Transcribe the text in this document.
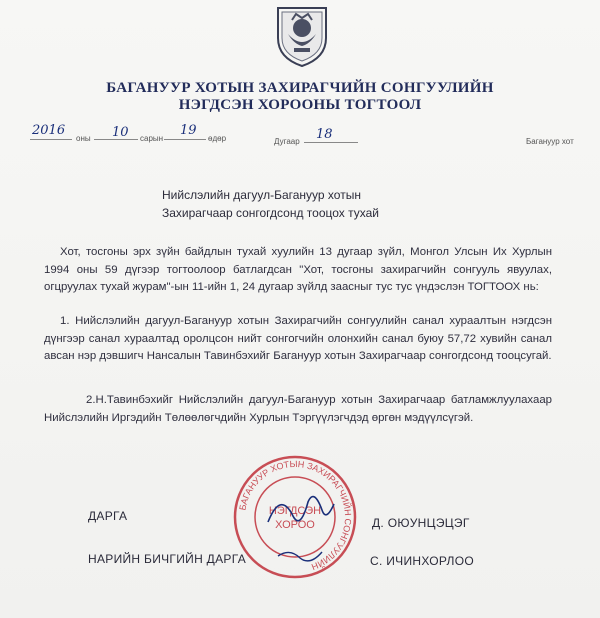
БАГАНУУР ХОТЫН ЗАХИРАГЧИЙН СОНГУУЛИЙН
НЭГДСЭН ХОРООНЫ ТОГТООЛ
2016
оны 10 сарын
19
өдөр	Дугаар 18	Багануур хот
Нийслэлийн дагуул-Багануур хотын
Захирагчаар сонгогдсонд тооцох тухай
Хот, тосгоны эрх зүйн байдлын тухай хуулийн 13 дугаар зүйл, Монгол Улсын Их Хурлын 1994 оны 59 дүгээр тогтоолоор батлагдсан "Хот, тосгоны захирагчийн сонгууль явуулах, огцруулах тухай журам"-ын 11-ийн 1, 24 дугаар зүйлд заасныг тус тус үндэслэн ТОГТООХ нь:
1. Нийслэлийн дагуул-Багануур хотын Захирагчийн сонгуулийн санал хураалтын нэгдсэн дүнгээр санал хураалтад оролцсон нийт сонгогчийн олонхийн санал буюу 57,72 хувийн санал авсан нэр дэвшигч Нансалын Тавинбэхийг Багануур хотын Захирагчаар сонгогдсонд тооцсугай.
2.Н.Тавинбэхийг Нийслэлийн дагуул-Багануур хотын Захирагчаар батламжлуулахаар Нийслэлийн Иргэдийн Төлөөлөгчдийн Хурлын Тэргүүлэгчдэд өргөн мэдүүлсүгэй.
БАГАНУУР ХОТЫН ЗАХИРАГЧИЙН СОНГУУЛИЙН
НЭГДСЭН
ХОРОО
ДАРГА	Д. ОЮУНЦЭЦЭГ
НАРИЙН БИЧГИЙН ДАРГА	С. ИЧИНХОРЛОО
